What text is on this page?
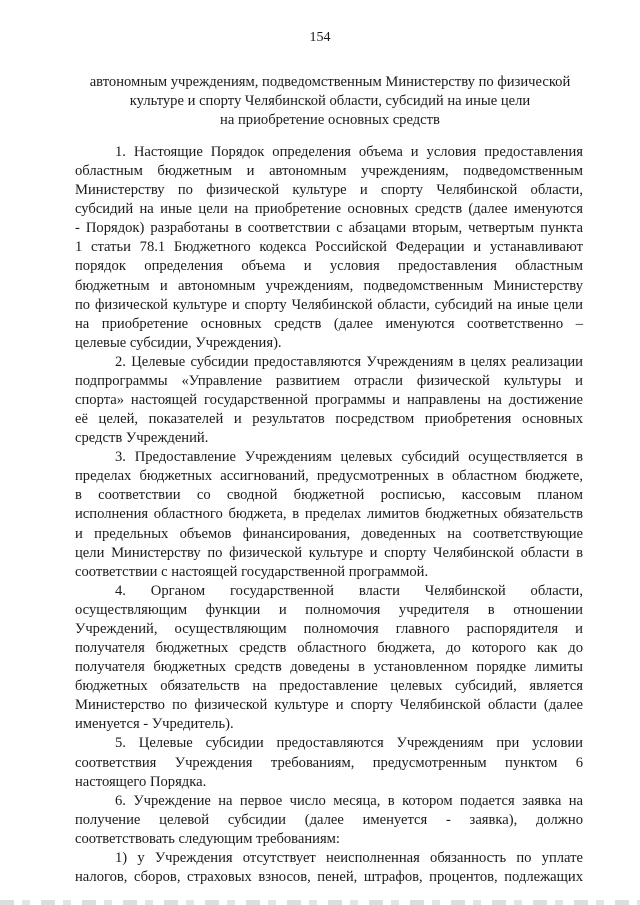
154
автономным учреждениям, подведомственным Министерству по физической
культуре и спорту Челябинской области, субсидий на иные цели
на приобретение основных средств
1. Настоящие Порядок определения объема и условия предоставления
областным бюджетным и автономным учреждениям, подведомственным
Министерству по физической культуре и спорту Челябинской области,
субсидий на иные цели на приобретение основных средств (далее именуются
- Порядок) разработаны в соответствии с абзацами вторым, четвертым пункта
1 статьи 78.1 Бюджетного кодекса Российской Федерации и устанавливают
порядок определения объема и условия предоставления областным
бюджетным и автономным учреждениям, подведомственным Министерству
по физической культуре и спорту Челябинской области, субсидий на иные цели
на приобретение основных средств (далее именуются соответственно –
целевые субсидии, Учреждения).
2. Целевые субсидии предоставляются Учреждениям в целях реализации
подпрограммы «Управление развитием отрасли физической культуры и
спорта» настоящей государственной программы и направлены на достижение
её целей, показателей и результатов посредством приобретения основных
средств Учреждений.
3. Предоставление Учреждениям целевых субсидий осуществляется в
пределах бюджетных ассигнований, предусмотренных в областном бюджете,
в соответствии со сводной бюджетной росписью, кассовым планом
исполнения областного бюджета, в пределах лимитов бюджетных обязательств
и предельных объемов финансирования, доведенных на соответствующие
цели Министерству по физической культуре и спорту Челябинской области в
соответствии с настоящей государственной программой.
4. Органом государственной власти Челябинской области,
осуществляющим функции и полномочия учредителя в отношении
Учреждений, осуществляющим полномочия главного распорядителя и
получателя бюджетных средств областного бюджета, до которого как до
получателя бюджетных средств доведены в установленном порядке лимиты
бюджетных обязательств на предоставление целевых субсидий, является
Министерство по физической культуре и спорту Челябинской области (далее
именуется - Учредитель).
5. Целевые субсидии предоставляются Учреждениям при условии
соответствия Учреждения требованиям, предусмотренным пунктом 6
настоящего Порядка.
6. Учреждение на первое число месяца, в котором подается заявка на
получение целевой субсидии (далее именуется - заявка), должно
соответствовать следующим требованиям:
1) у Учреждения отсутствует неисполненная обязанность по уплате
налогов, сборов, страховых взносов, пеней, штрафов, процентов, подлежащих
